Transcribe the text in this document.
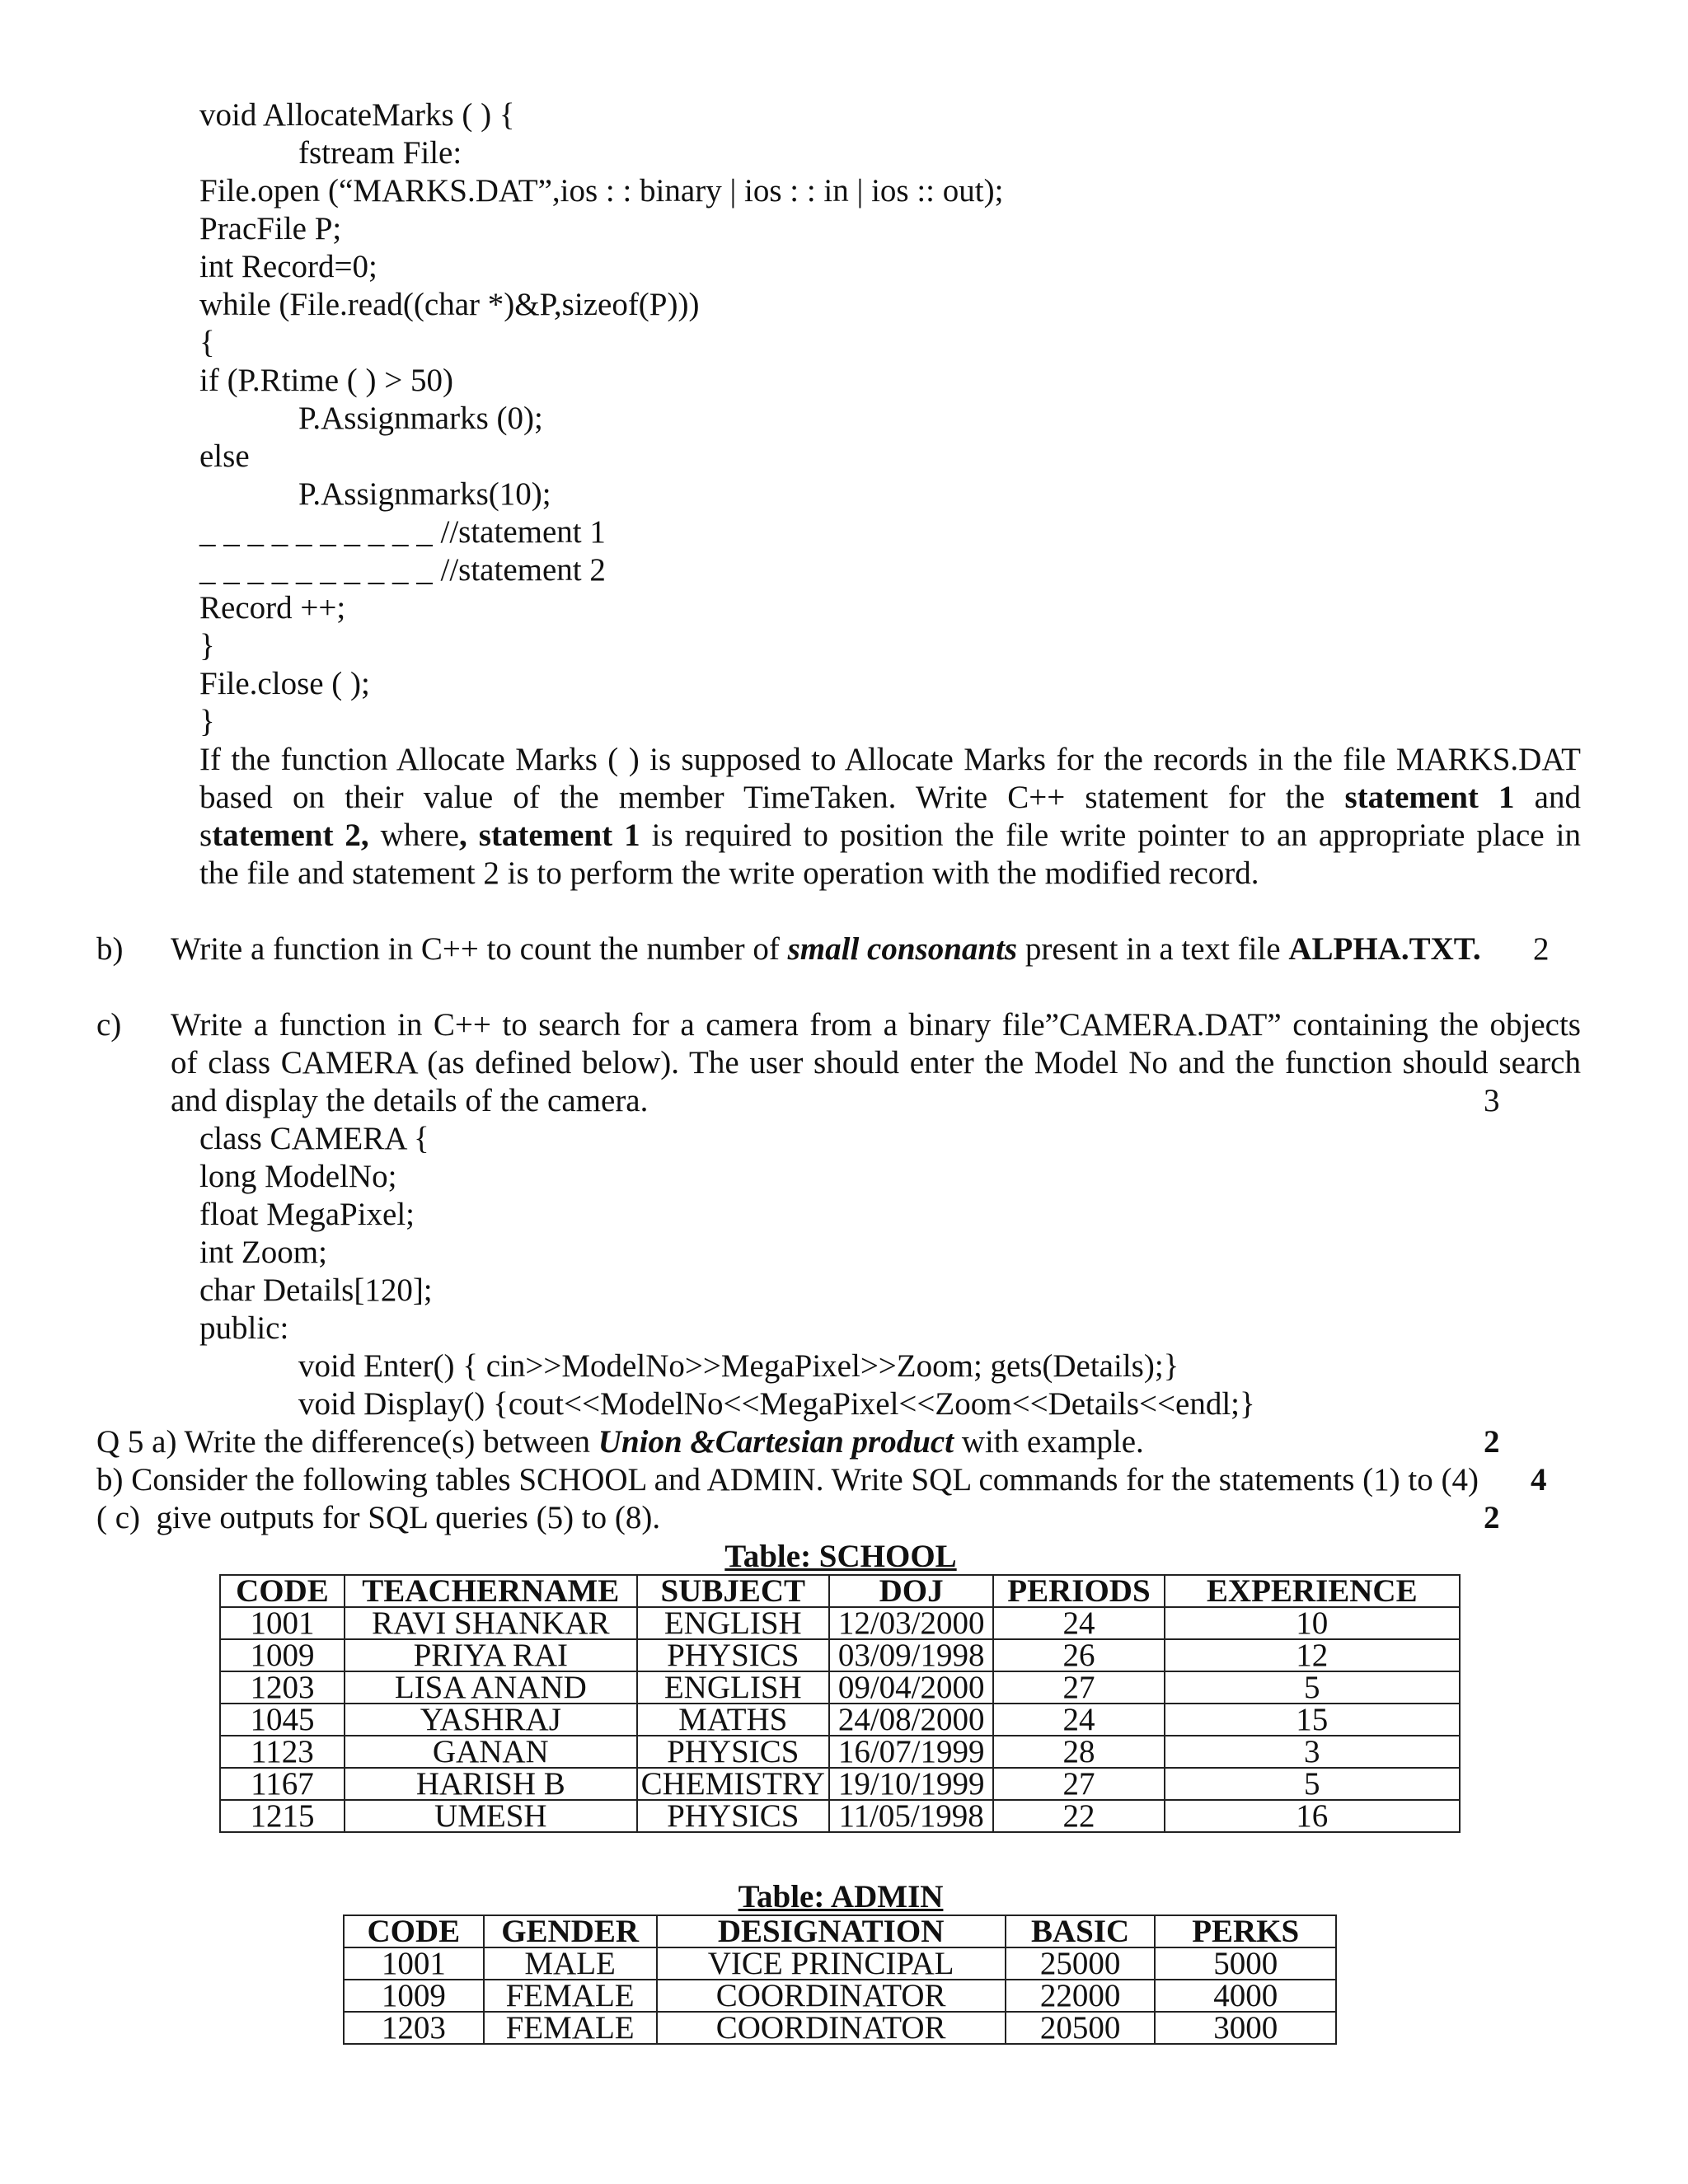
void AllocateMarks ( ) {
fstream File:
File.open (“MARKS.DAT”,ios : : binary | ios : : in | ios :: out);
PracFile P;
int Record=0;
while (File.read((char *)&P,sizeof(P)))
{
if (P.Rtime ( ) > 50)
P.Assignmarks (0);
else
P.Assignmarks(10);
_ _ _ _ _ _ _ _ _ _ //statement 1
_ _ _ _ _ _ _ _ _ _ //statement 2
Record ++;
}
File.close ( );
}
If the function Allocate Marks ( ) is supposed to Allocate Marks for the records in the file MARKS.DAT
based on their value of the member TimeTaken. Write C++ statement for the statement 1 and
statement 2, where, statement 1 is required to position the file write pointer to an appropriate place in
the file and statement 2 is to perform the write operation with the modified record.
b) Write a function in C++ to count the number of small consonants present in a text file ALPHA.TXT. 2
c) Write a function in C++ to search for a camera from a binary file”CAMERA.DAT” containing the objects
of class CAMERA (as defined below). The user should enter the Model No and the function should search
and display the details of the camera.	3
class CAMERA {
long ModelNo;
float MegaPixel;
int Zoom;
char Details[120];
public:
void Enter() { cin>>ModelNo>>MegaPixel>>Zoom; gets(Details);}
void Display() {cout<<ModelNo<<MegaPixel<<Zoom<<Details<<endl;}
Q 5 a) Write the difference(s) between Union &Cartesian product with example.	2
b) Consider the following tables SCHOOL and ADMIN. Write SQL commands for the statements (1) to (4) 4
( c)  give outputs for SQL queries (5) to (8).	2
Table: SCHOOL
CODE	TEACHERNAME	SUBJECT	DOJ	PERIODS	EXPERIENCE
1001	RAVI SHANKAR	ENGLISH	12/03/2000	24	10
1009	PRIYA RAI	PHYSICS	03/09/1998	26	12
1203	LISA ANAND	ENGLISH	09/04/2000	27	5
1045	YASHRAJ	MATHS	24/08/2000	24	15
1123	GANAN	PHYSICS	16/07/1999	28	3
1167	HARISH B	CHEMISTRY	19/10/1999	27	5
1215	UMESH	PHYSICS	11/05/1998	22	16
Table: ADMIN
CODE	GENDER	DESIGNATION	BASIC	PERKS
1001	MALE	VICE PRINCIPAL	25000	5000
1009	FEMALE	COORDINATOR	22000	4000
1203	FEMALE	COORDINATOR	20500	3000
